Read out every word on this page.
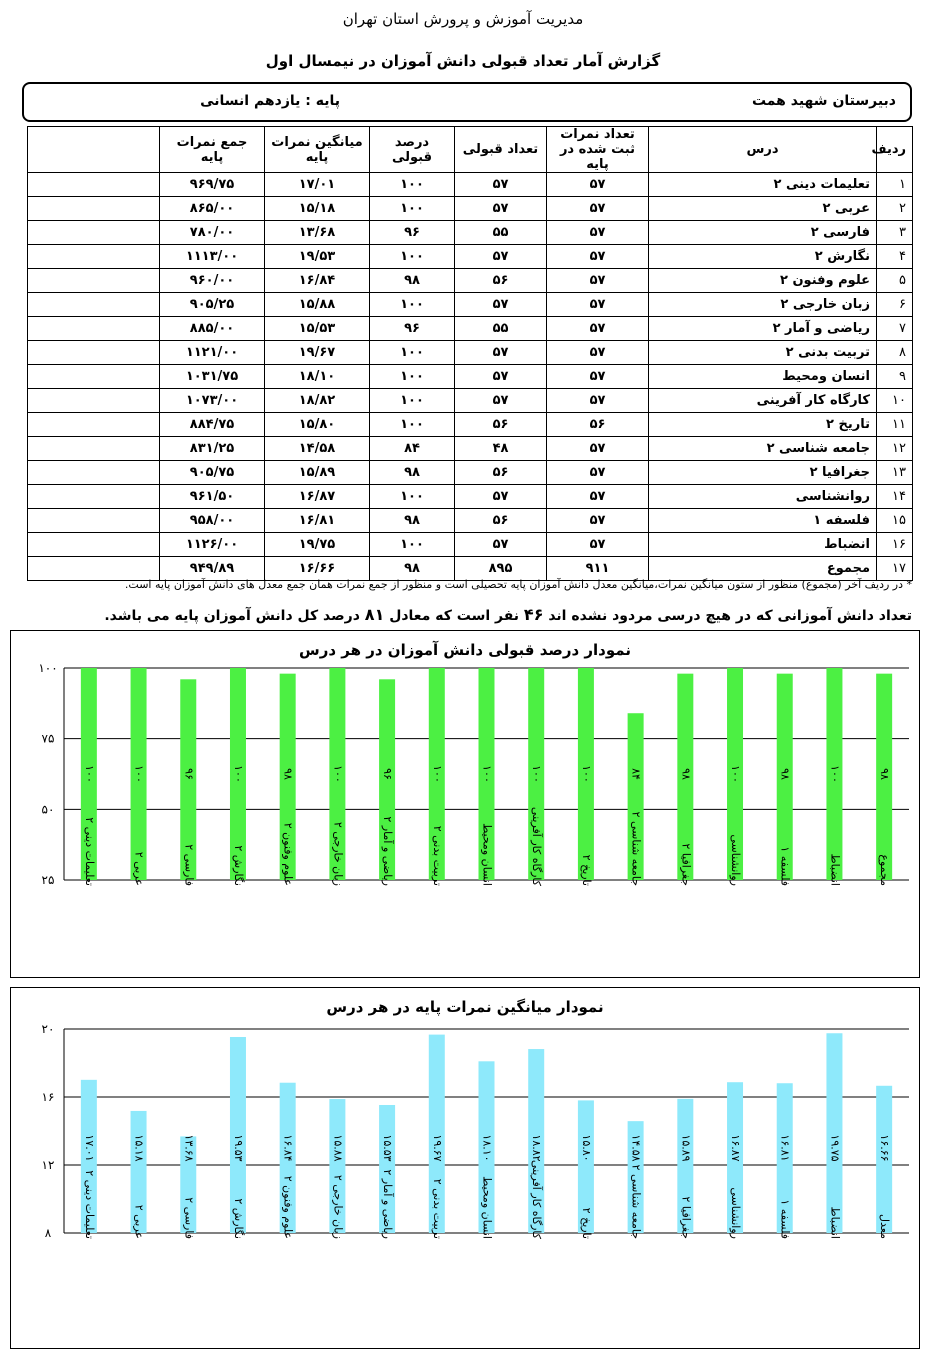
مدیریت آموزش و پرورش استان تهران
گزارش آمار تعداد قبولی دانش آموزان در نیمسال اول
دبیرستان شهید همت
پایه : یازدهم انسانی
ردیف	درس	تعداد نمرات ثبت شده در پایه	تعداد قبولی	درصد قبولی	میانگین نمرات پایه	جمع نمرات پایه	
۱	تعلیمات دینی ۲	۵۷	۵۷	۱۰۰	۱۷/۰۱	۹۶۹/۷۵	
۲	عربی ۲	۵۷	۵۷	۱۰۰	۱۵/۱۸	۸۶۵/۰۰	
۳	فارسی ۲	۵۷	۵۵	۹۶	۱۳/۶۸	۷۸۰/۰۰	
۴	نگارش ۲	۵۷	۵۷	۱۰۰	۱۹/۵۳	۱۱۱۳/۰۰	
۵	علوم وفنون ۲	۵۷	۵۶	۹۸	۱۶/۸۴	۹۶۰/۰۰	
۶	زبان خارجی ۲	۵۷	۵۷	۱۰۰	۱۵/۸۸	۹۰۵/۲۵	
۷	ریاضی و آمار ۲	۵۷	۵۵	۹۶	۱۵/۵۳	۸۸۵/۰۰	
۸	تربیت بدنی ۲	۵۷	۵۷	۱۰۰	۱۹/۶۷	۱۱۲۱/۰۰	
۹	انسان ومحیط	۵۷	۵۷	۱۰۰	۱۸/۱۰	۱۰۳۱/۷۵	
۱۰	کارگاه کار آفرینی	۵۷	۵۷	۱۰۰	۱۸/۸۲	۱۰۷۳/۰۰	
۱۱	تاریخ ۲	۵۶	۵۶	۱۰۰	۱۵/۸۰	۸۸۴/۷۵	
۱۲	جامعه شناسی ۲	۵۷	۴۸	۸۴	۱۴/۵۸	۸۳۱/۲۵	
۱۳	جغرافیا ۲	۵۷	۵۶	۹۸	۱۵/۸۹	۹۰۵/۷۵	
۱۴	روانشناسی	۵۷	۵۷	۱۰۰	۱۶/۸۷	۹۶۱/۵۰	
۱۵	فلسفه ۱	۵۷	۵۶	۹۸	۱۶/۸۱	۹۵۸/۰۰	
۱۶	انضباط	۵۷	۵۷	۱۰۰	۱۹/۷۵	۱۱۲۶/۰۰	
۱۷	مجموع	۹۱۱	۸۹۵	۹۸	۱۶/۶۶	۹۴۹/۸۹	
* در ردیف آخر (مجموع) منظور از ستون میانگین نمرات،میانگین معدل دانش آموزان پایه تحصیلی است و منظور از جمع نمرات همان جمع معدل های دانش آموزان پایه است.
تعداد دانش آموزانی که در هیچ درسی مردود نشده اند ۴۶ نفر است که معادل ۸۱ درصد کل دانش آموزان پایه می باشد.
نمودار درصد قبولی دانش آموزان در هر درس
۲۵
۵۰
۷۵
۱۰۰
۱۰۰
تعلیمات دینی ۲
۱۰۰
عربی ۲
۹۶
فارسی ۲
۱۰۰
نگارش ۲
۹۸
علوم وفنون ۲
۱۰۰
زبان خارجی ۲
۹۶
ریاضی و آمار ۲
۱۰۰
تربیت بدنی ۲
۱۰۰
انسان ومحیط
۱۰۰
کارگاه کار آفرینی
۱۰۰
تاریخ ۲
۸۴
جامعه شناسی ۲
۹۸
جغرافیا ۲
۱۰۰
روانشناسی
۹۸
فلسفه ۱
۱۰۰
انضباط
۹۸
مجموع
نمودار میانگین نمرات پایه در هر درس
۸
۱۲
۱۶
۲۰
۱۷.۰۱
تعلیمات دینی ۲
۱۵.۱۸
عربی ۲
۱۳.۶۸
فارسی ۲
۱۹.۵۳
نگارش ۲
۱۶.۸۴
علوم وفنون ۲
۱۵.۸۸
زبان خارجی ۲
۱۵.۵۳
ریاضی و آمار ۲
۱۹.۶۷
تربیت بدنی ۲
۱۸.۱۰
انسان ومحیط
۱۸.۸۲
کارگاه کار آفرینی
۱۵.۸۰
تاریخ ۲
۱۴.۵۸
جامعه شناسی ۲
۱۵.۸۹
جغرافیا ۲
۱۶.۸۷
روانشناسی
۱۶.۸۱
فلسفه ۱
۱۹.۷۵
انضباط
۱۶.۶۶
معدل
